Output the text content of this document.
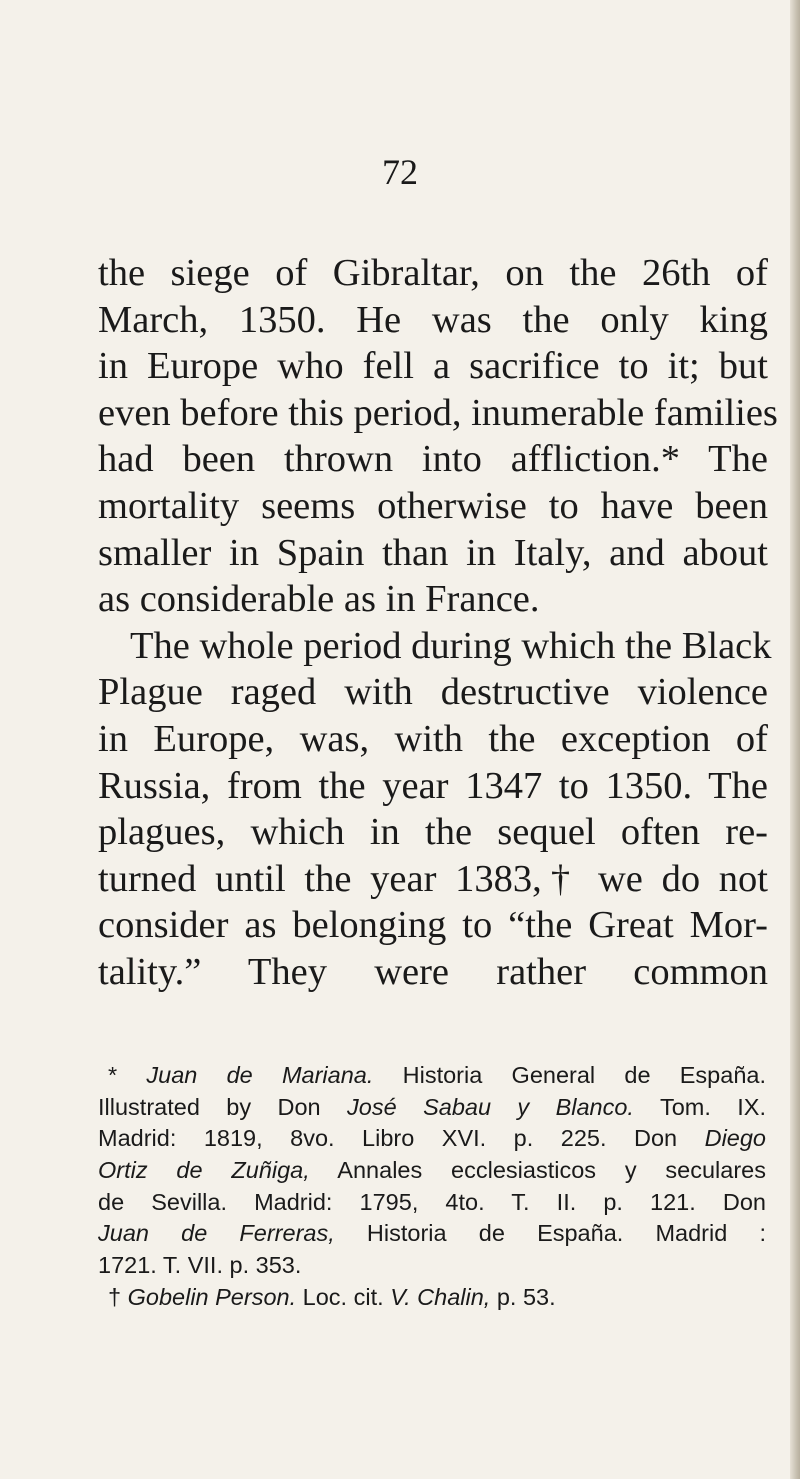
72
the siege of Gibraltar, on the 26th of
March, 1350. He was the only king
in Europe who fell a sacrifice to it; but
even before this period, inumerable families
had been thrown into affliction.* The
mortality seems otherwise to have been
smaller in Spain than in Italy, and about
as considerable as in France.
The whole period during which the Black
Plague raged with destructive violence
in Europe, was, with the exception of
Russia, from the year 1347 to 1350. The
plagues, which in the sequel often re-
turned until the year 1383,† we do not
consider as belonging to “the Great Mor-
tality.” They were rather common
* Juan de Mariana. Historia General de España.
Illustrated by Don José Sabau y Blanco. Tom. IX.
Madrid: 1819, 8vo. Libro XVI. p. 225. Don Diego
Ortiz de Zuñiga, Annales ecclesiasticos y seculares
de Sevilla. Madrid: 1795, 4to. T. II. p. 121. Don
Juan de Ferreras, Historia de España. Madrid :
1721. T. VII. p. 353.
† Gobelin Person. Loc. cit. V. Chalin, p. 53.
